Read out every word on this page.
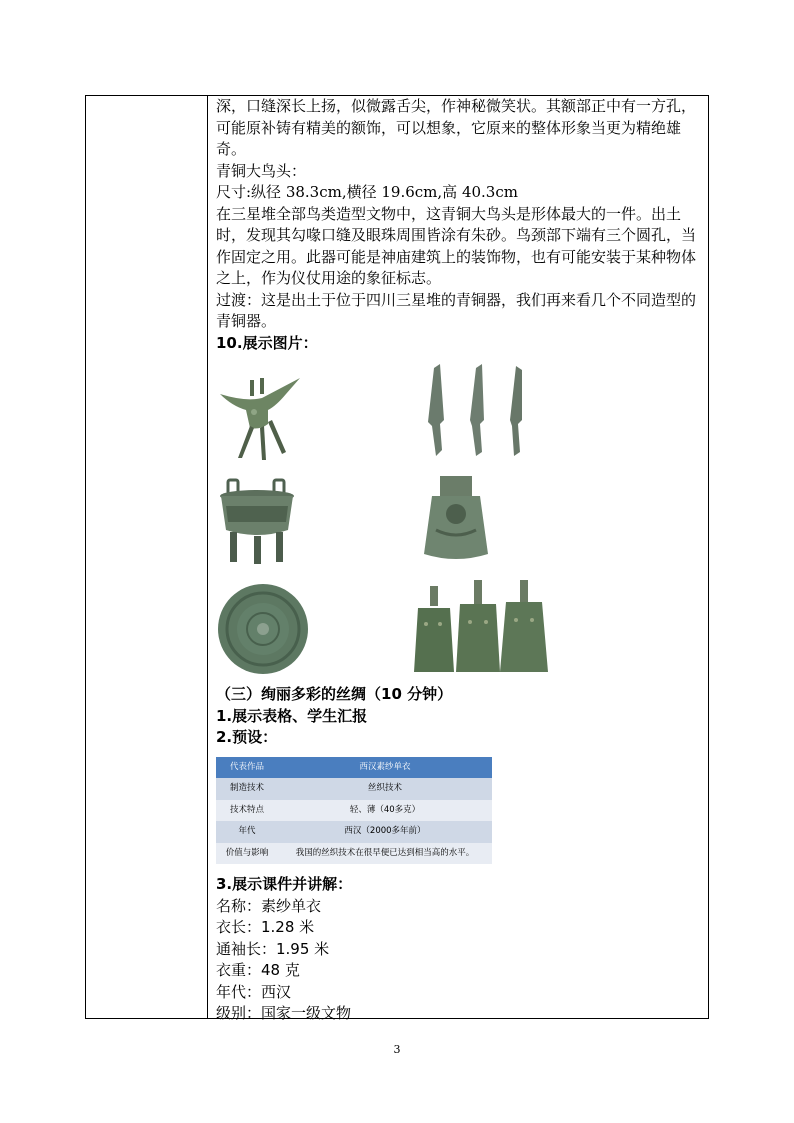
深，口缝深长上扬，似微露舌尖，作神秘微笑状。其额部正中有一方孔，可能原补铸有精美的额饰，可以想象，它原来的整体形象当更为精绝雄奇。

青铜大鸟头：

尺寸:纵径 38.3cm,横径 19.6cm,高 40.3cm

在三星堆全部鸟类造型文物中，这青铜大鸟头是形体最大的一件。出土时，发现其勾喙口缝及眼珠周围皆涂有朱砂。鸟颈部下端有三个圆孔，当作固定之用。此器可能是神庙建筑上的装饰物，也有可能安装于某种物体之上，作为仪仗用途的象征标志。

过渡：这是出土于位于四川三星堆的青铜器，我们再来看几个不同造型的青铜器。

10.展示图片：

（三）绚丽多彩的丝绸（10 分钟）

1.展示表格、学生汇报

2.预设：

代表作品	西汉素纱单衣
制造技术	丝织技术
技术特点	轻、薄（40多克）
年代	西汉（2000多年前）
价值与影响	我国的丝织技术在很早便已达到相当高的水平。

3.展示课件并讲解：

名称：素纱单衣

衣长：1.28 米

通袖长：1.95 米

衣重：48 克

年代：西汉

级别：国家一级文物

3
